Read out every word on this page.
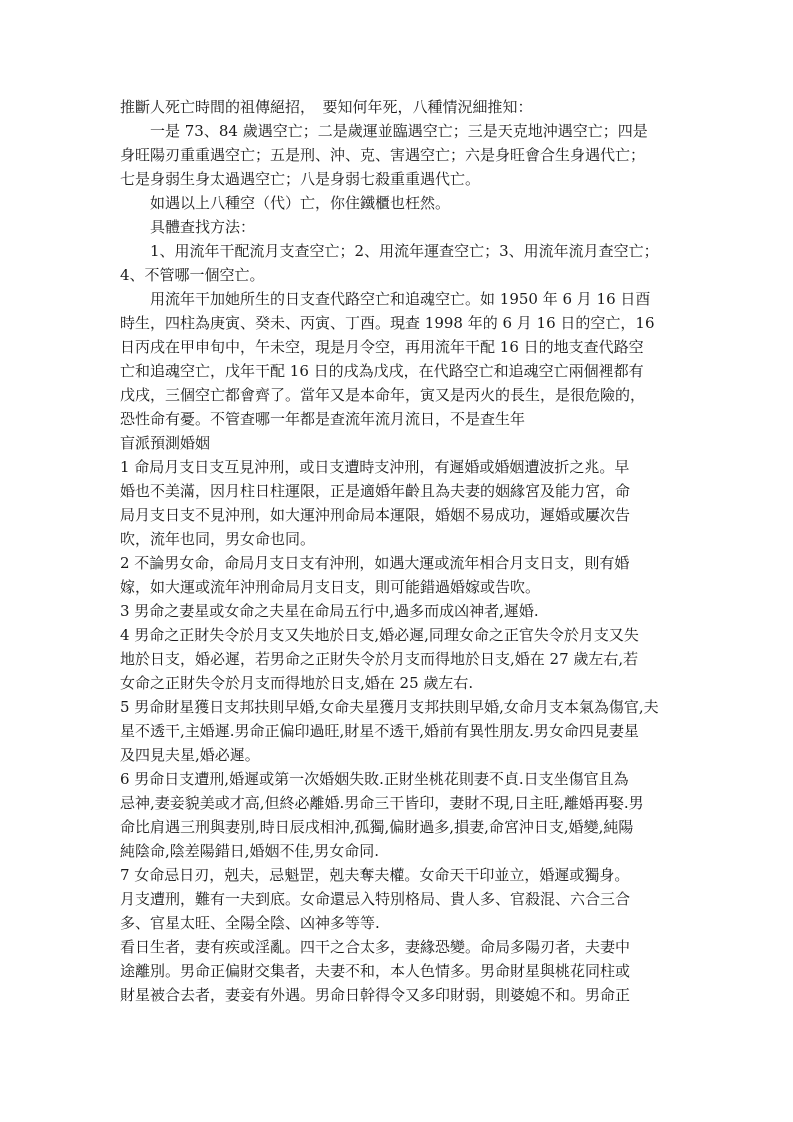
推斷人死亡時間的祖傳絕招，　要知何年死，八種情況細推知：
一是 73、84 歲遇空亡；二是歲運並臨遇空亡；三是天克地沖遇空亡；四是
身旺陽刃重重遇空亡；五是刑、沖、克、害遇空亡；六是身旺會合生身遇代亡；
七是身弱生身太過遇空亡；八是身弱七殺重重遇代亡。
如遇以上八種空（代）亡，你住鐵櫃也枉然。
具體查找方法：
1、用流年干配流月支查空亡；2、用流年運查空亡；3、用流年流月查空亡；
4、不管哪一個空亡。
用流年干加她所生的日支查代路空亡和追魂空亡。如 1950 年 6 月 16 日酉
時生，四柱為庚寅、癸未、丙寅、丁酉。現查 1998 年的 6 月 16 日的空亡，16
日丙戌在甲申旬中，午未空，現是月令空，再用流年干配 16 日的地支查代路空
亡和追魂空亡，戊年干配 16 日的戌為戊戌，在代路空亡和追魂空亡兩個裡都有
戊戌，三個空亡都會齊了。當年又是本命年，寅又是丙火的長生，是很危險的，
恐性命有憂。不管查哪一年都是查流年流月流日，不是查生年
盲派預測婚姻
1 命局月支日支互見沖刑，或日支遭時支沖刑，有遲婚或婚姻遭波折之兆。早
婚也不美滿，因月柱日柱運限，正是適婚年齡且為夫妻的姻緣宮及能力宮，命
局月支日支不見沖刑，如大運沖刑命局本運限，婚姻不易成功，遲婚或屢次告
吹，流年也同，男女命也同。
2 不論男女命，命局月支日支有沖刑，如遇大運或流年相合月支日支，則有婚
嫁，如大運或流年沖刑命局月支日支，則可能錯過婚嫁或告吹。
3 男命之妻星或女命之夫星在命局五行中,過多而成凶神者,遲婚.
4 男命之正財失令於月支又失地於日支,婚必遲,同理女命之正官失令於月支又失
地於日支，婚必遲，若男命之正財失令於月支而得地於日支,婚在 27 歲左右,若
女命之正財失令於月支而得地於日支,婚在 25 歲左右.
5 男命財星獲日支邦扶則早婚,女命夫星獲月支邦扶則早婚,女命月支本氣為傷官,夫
星不透干,主婚遲.男命正偏印過旺,財星不透干,婚前有異性朋友.男女命四見妻星
及四見夫星,婚必遲。
6 男命日支遭刑,婚遲或第一次婚姻失敗.正財坐桃花則妻不貞.日支坐傷官且為
忌神,妻妾貌美或才高,但終必離婚.男命三干皆印，妻財不現,日主旺,離婚再娶.男
命比肩遇三刑與妻別,時日辰戌相沖,孤獨,偏財過多,損妻,命宮沖日支,婚變,純陽
純陰命,陰差陽錯日,婚姻不佳,男女命同.
7 女命忌日刃，剋夫，忌魁罡，剋夫奪夫權。女命天干印並立，婚遲或獨身。
月支遭刑，難有一夫到底。女命還忌入特別格局、貴人多、官殺混、六合三合
多、官星太旺、全陽全陰、凶神多等等.
看日生者，妻有疾或淫亂。四干之合太多，妻緣恐變。命局多陽刃者，夫妻中
途離別。男命正偏財交集者，夫妻不和，本人色情多。男命財星與桃花同柱或
財星被合去者，妻妾有外遇。男命日幹得令又多印財弱，則婆媳不和。男命正
